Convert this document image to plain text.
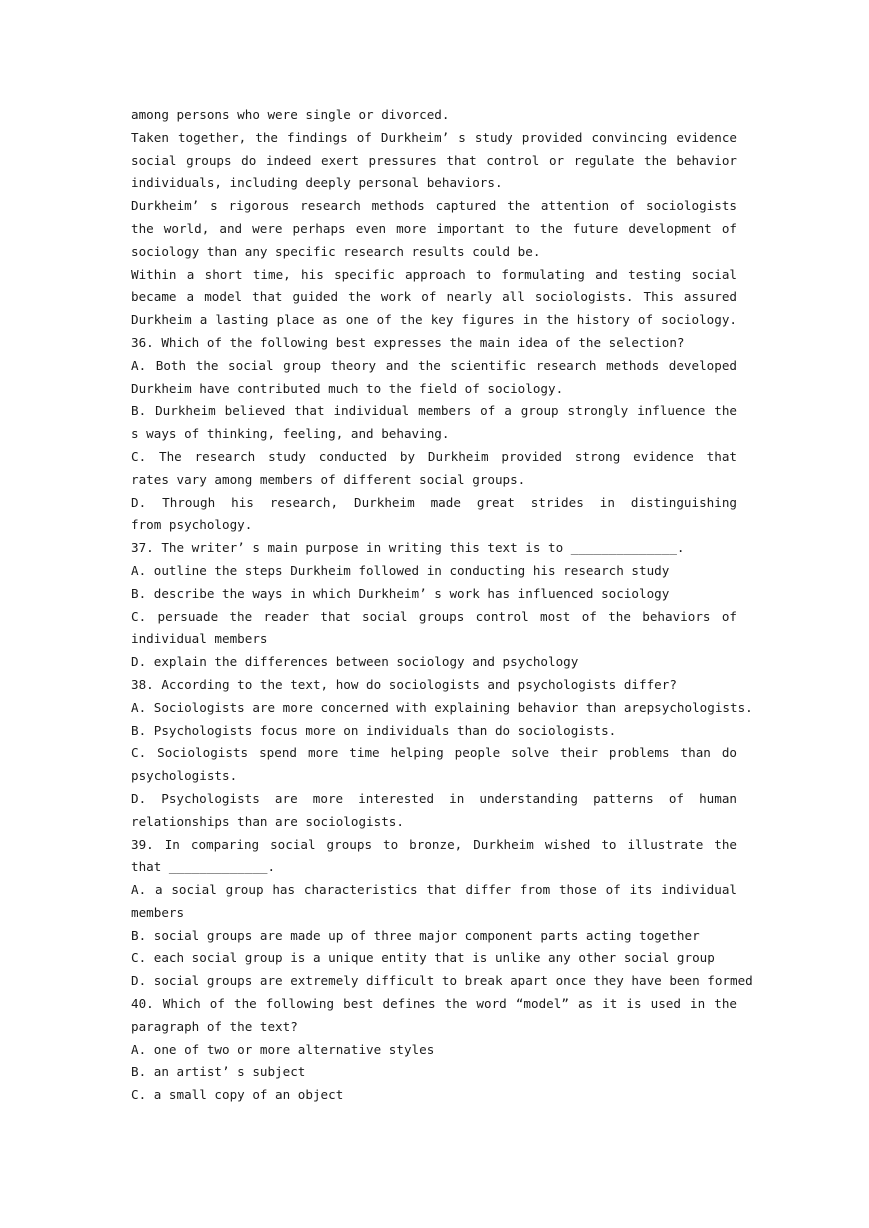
among persons who were single or divorced.
Taken together, the findings of Durkheim’ s study provided convincing evidence
social groups do indeed exert pressures that control or regulate the behavior
individuals, including deeply personal behaviors.
Durkheim’ s rigorous research methods captured the attention of sociologists
the world, and were perhaps even more important to the future development of
sociology than any specific research results could be.
Within a short time, his specific approach to formulating and testing social
became a model that guided the work of nearly all sociologists. This assured
Durkheim a lasting place as one of the key figures in the history of sociology.
36. Which of the following best expresses the main idea of the selection?
A. Both the social group theory and the scientific research methods developed
Durkheim have contributed much to the field of sociology.
B. Durkheim believed that individual members of a group strongly influence the
s ways of thinking, feeling, and behaving.
C. The research study conducted by Durkheim provided strong evidence that
rates vary among members of different social groups.
D. Through his research, Durkheim made great strides in distinguishing
from psychology.
37. The writer’ s main purpose in writing this text is to ______________.
A. outline the steps Durkheim followed in conducting his research study
B. describe the ways in which Durkheim’ s work has influenced sociology
C. persuade the reader that social groups control most of the behaviors of
individual members
D. explain the differences between sociology and psychology
38. According to the text, how do sociologists and psychologists differ?
A. Sociologists are more concerned with explaining behavior than arepsychologists.
B. Psychologists focus more on individuals than do sociologists.
C. Sociologists spend more time helping people solve their problems than do
psychologists.
D. Psychologists are more interested in understanding patterns of human
relationships than are sociologists.
39. In comparing social groups to bronze, Durkheim wished to illustrate the
that _____________.
A. a social group has characteristics that differ from those of its individual
members
B. social groups are made up of three major component parts acting together
C. each social group is a unique entity that is unlike any other social group
D. social groups are extremely difficult to break apart once they have been formed
40. Which of the following best defines the word “model” as it is used in the
paragraph of the text?
A. one of two or more alternative styles
B. an artist’ s subject
C. a small copy of an object
